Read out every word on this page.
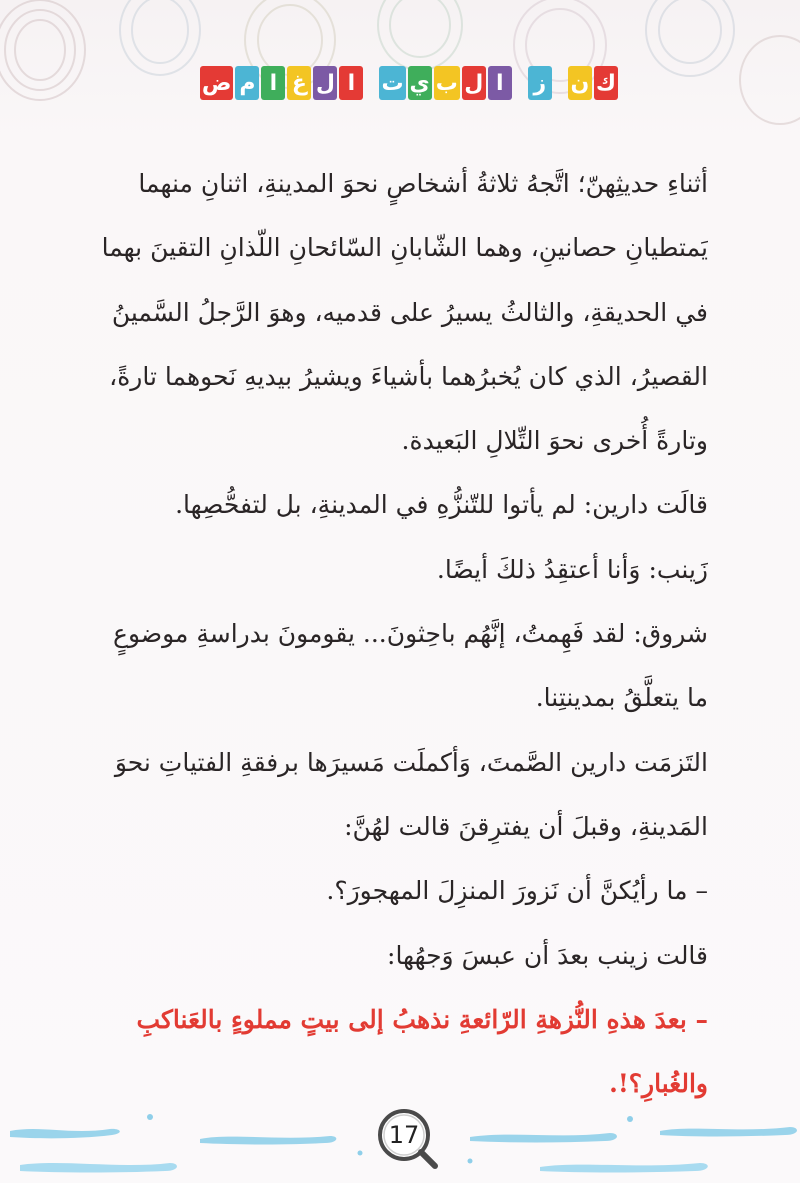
ك
ن
ز
ا
ل
ب
ي
ت
ا
ل
غ
ا
م
ض
أثناءِ حديثِهنّ؛ اتَّجهُ ثلاثةُ أشخاصٍ نحوَ المدينةِ، اثنانِ منهما
يَمتطيانِ حصانينِ، وهما الشّابانِ السّائحانِ اللّذانِ التقينَ بهما
في الحديقةِ، والثالثُ يسيرُ على قدميه، وهوَ الرَّجلُ السَّمينُ
القصيرُ، الذي كان يُخبرُهما بأشياءَ ويشيرُ بيديهِ نَحوهما تارةً،
وتارةً أُخرى نحوَ التِّلالِ البَعيدة.
قالَت دارين: لم يأتوا للتّنزُّهِ في المدينةِ، بل لتفحُّصِها.
زَينب: وَأنا أعتقِدُ ذلكَ أيضًا.
شروق: لقد فَهِمتُ، إنَّهُم باحِثونَ... يقومونَ بدراسةِ موضوعٍ
ما يتعلَّقُ بمدينتِنا.
التَزمَت دارين الصَّمتَ، وَأكملَت مَسيرَها برفقةِ الفتياتِ نحوَ
المَدينةِ، وقبلَ أن يفترِقنَ قالت لهُنَّ:
– ما رأيُكنَّ أن نَزورَ المنزِلَ المهجورَ؟.
قالت زينب بعدَ أن عبسَ وَجهُها:
– بعدَ هذهِ النُّزهةِ الرّائعةِ نذهبُ إلى بيتٍ مملوءٍ بالعَناكبِ
والغُبارِ؟!.
17
